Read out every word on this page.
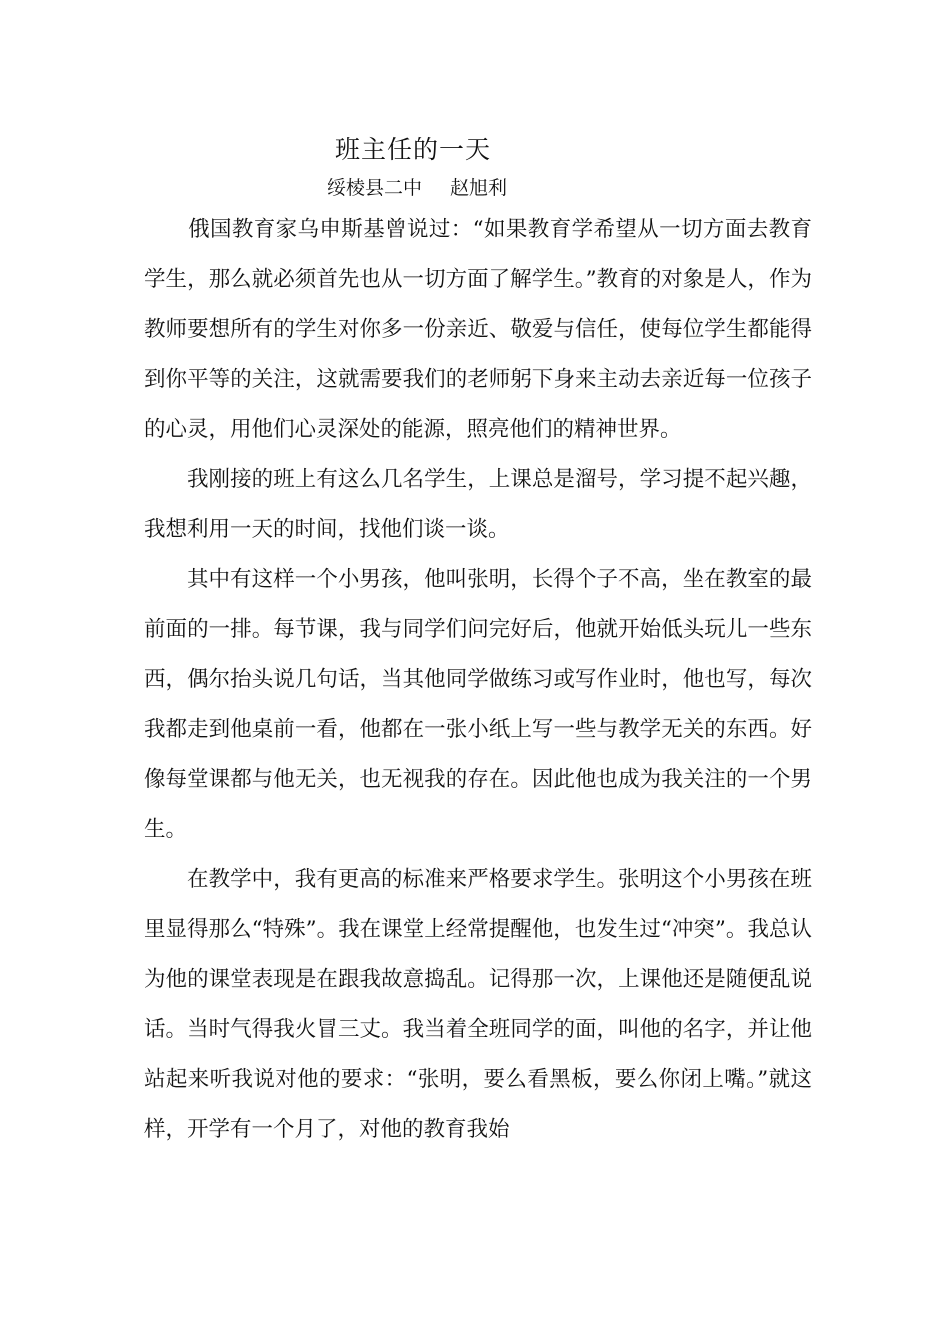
班主任的一天
绥棱县二中 赵旭利

俄国教育家乌申斯基曾说过：“如果教育学希望从一切方面去教育学生，那么就必须首先也从一切方面了解学生。”教育的对象是人，作为教师要想所有的学生对你多一份亲近、敬爱与信任，使每位学生都能得到你平等的关注，这就需要我们的老师躬下身来主动去亲近每一位孩子的心灵，用他们心灵深处的能源，照亮他们的精神世界。

我刚接的班上有这么几名学生，上课总是溜号，学习提不起兴趣，我想利用一天的时间，找他们谈一谈。

其中有这样一个小男孩，他叫张明，长得个子不高，坐在教室的最前面的一排。每节课，我与同学们问完好后，他就开始低头玩儿一些东西，偶尔抬头说几句话，当其他同学做练习或写作业时，他也写，每次我都走到他桌前一看，他都在一张小纸上写一些与教学无关的东西。好像每堂课都与他无关，也无视我的存在。因此他也成为我关注的一个男生。

在教学中，我有更高的标准来严格要求学生。张明这个小男孩在班里显得那么“特殊”。我在课堂上经常提醒他，也发生过“冲突”。我总认为他的课堂表现是在跟我故意捣乱。记得那一次，上课他还是随便乱说话。当时气得我火冒三丈。我当着全班同学的面，叫他的名字，并让他站起来听我说对他的要求：“张明，要么看黑板，要么你闭上嘴。”就这样，开学有一个月了，对他的教育我始
